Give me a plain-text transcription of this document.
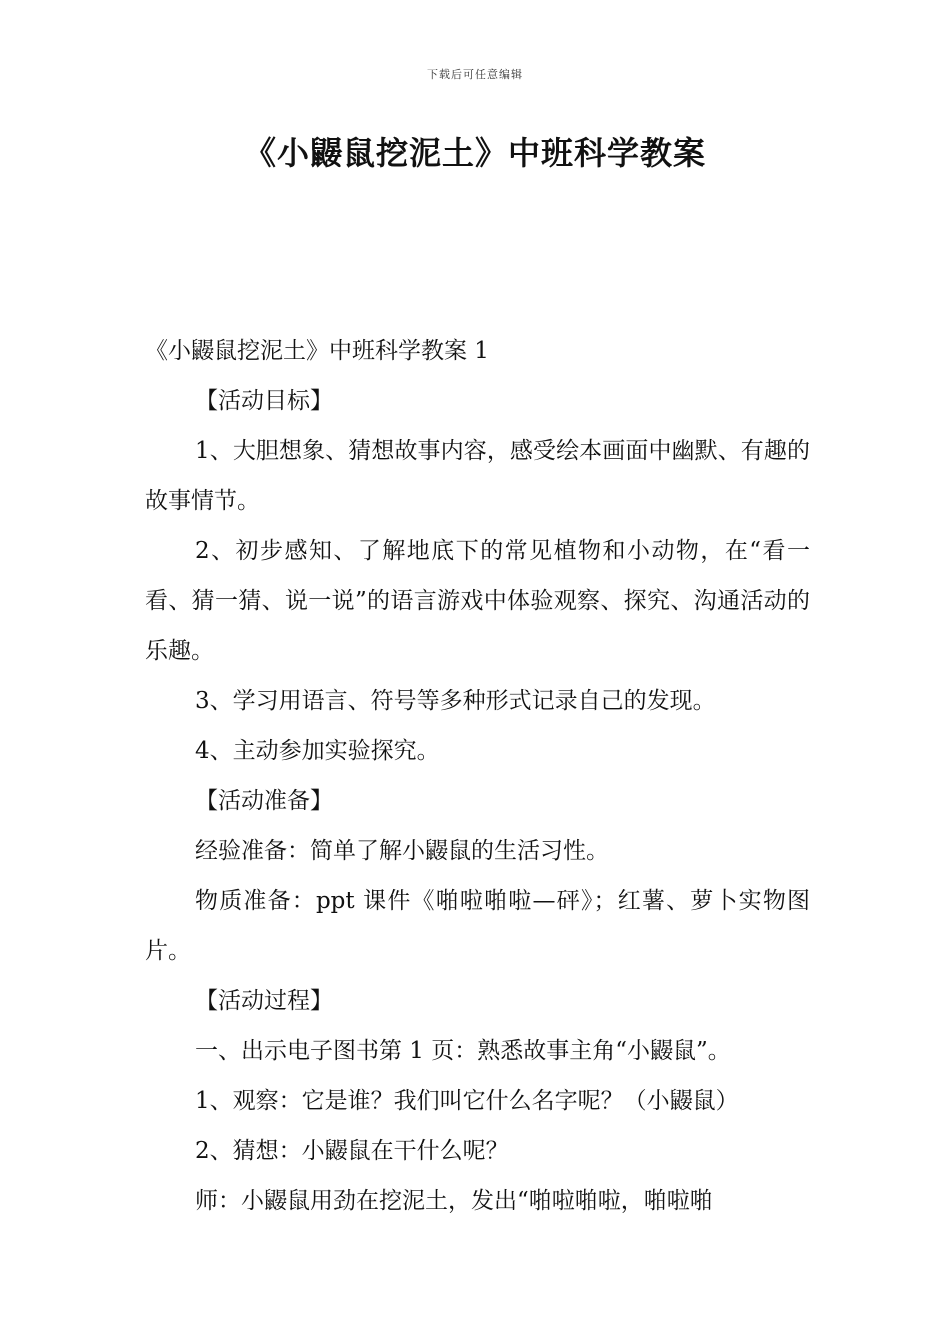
下载后可任意编辑
《小鼹鼠挖泥土》中班科学教案

《小鼹鼠挖泥土》中班科学教案 1

【活动目标】

1、大胆想象、猜想故事内容，感受绘本画面中幽默、有趣的故事情节。

2、初步感知、了解地底下的常见植物和小动物，在“看一看、猜一猜、说一说”的语言游戏中体验观察、探究、沟通活动的乐趣。

3、学习用语言、符号等多种形式记录自己的发现。

4、主动参加实验探究。

【活动准备】

经验准备：简单了解小鼹鼠的生活习性。

物质准备：ppt 课件《啪啦啪啦—砰》；红薯、萝卜实物图片。

【活动过程】

一、出示电子图书第 1 页：熟悉故事主角“小鼹鼠”。

1、观察：它是谁？我们叫它什么名字呢？（小鼹鼠）

2、猜想：小鼹鼠在干什么呢？

师：小鼹鼠用劲在挖泥土，发出“啪啦啪啦，啪啦啪
